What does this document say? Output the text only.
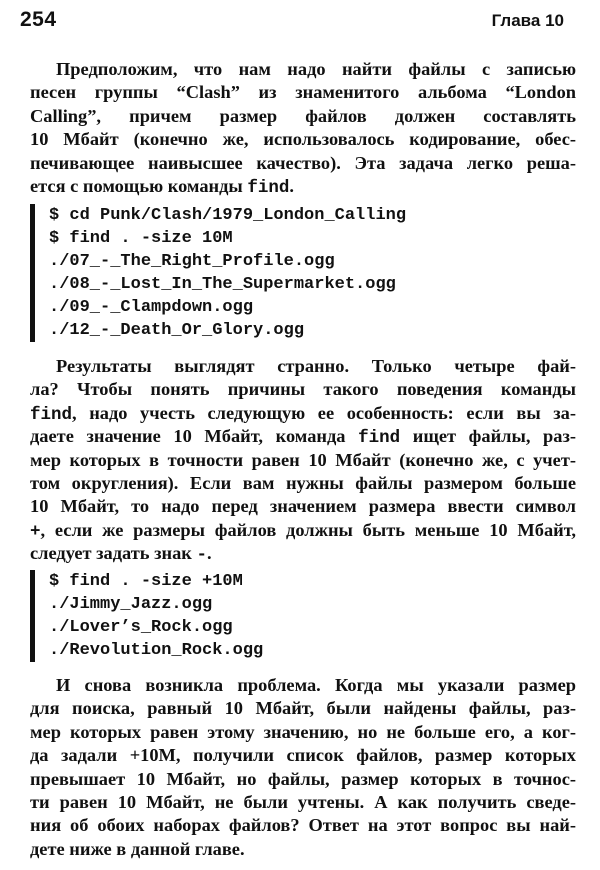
254	Глава 10
Предположим, что нам надо найти файлы с записью
песен группы “Clash” из знаменитого альбома “London
Calling”, причем размер файлов должен составлять
10 Мбайт (конечно же, использовалось кодирование, обес-
печивающее наивысшее качество). Эта задача легко реша-
ется с помощью команды find.
$ cd Punk/Clash/1979_London_Calling
$ find . -size 10M
./07_-_The_Right_Profile.ogg
./08_-_Lost_In_The_Supermarket.ogg
./09_-_Clampdown.ogg
./12_-_Death_Or_Glory.ogg
Результаты выглядят странно. Только четыре фай-
ла? Чтобы понять причины такого поведения команды
find, надо учесть следующую ее особенность: если вы за-
даете значение 10 Мбайт, команда find ищет файлы, раз-
мер которых в точности равен 10 Мбайт (конечно же, с учет-
том округления). Если вам нужны файлы размером больше
10 Мбайт, то надо перед значением размера ввести символ
+, если же размеры файлов должны быть меньше 10 Мбайт,
следует задать знак -.
$ find . -size +10M
./Jimmy_Jazz.ogg
./Lover’s_Rock.ogg
./Revolution_Rock.ogg
И снова возникла проблема. Когда мы указали размер
для поиска, равный 10 Мбайт, были найдены файлы, раз-
мер которых равен этому значению, но не больше его, а ког-
да задали +10М, получили список файлов, размер которых
превышает 10 Мбайт, но файлы, размер которых в точнос-
ти равен 10 Мбайт, не были учтены. А как получить сведе-
ния об обоих наборах файлов? Ответ на этот вопрос вы най-
дете ниже в данной главе.
